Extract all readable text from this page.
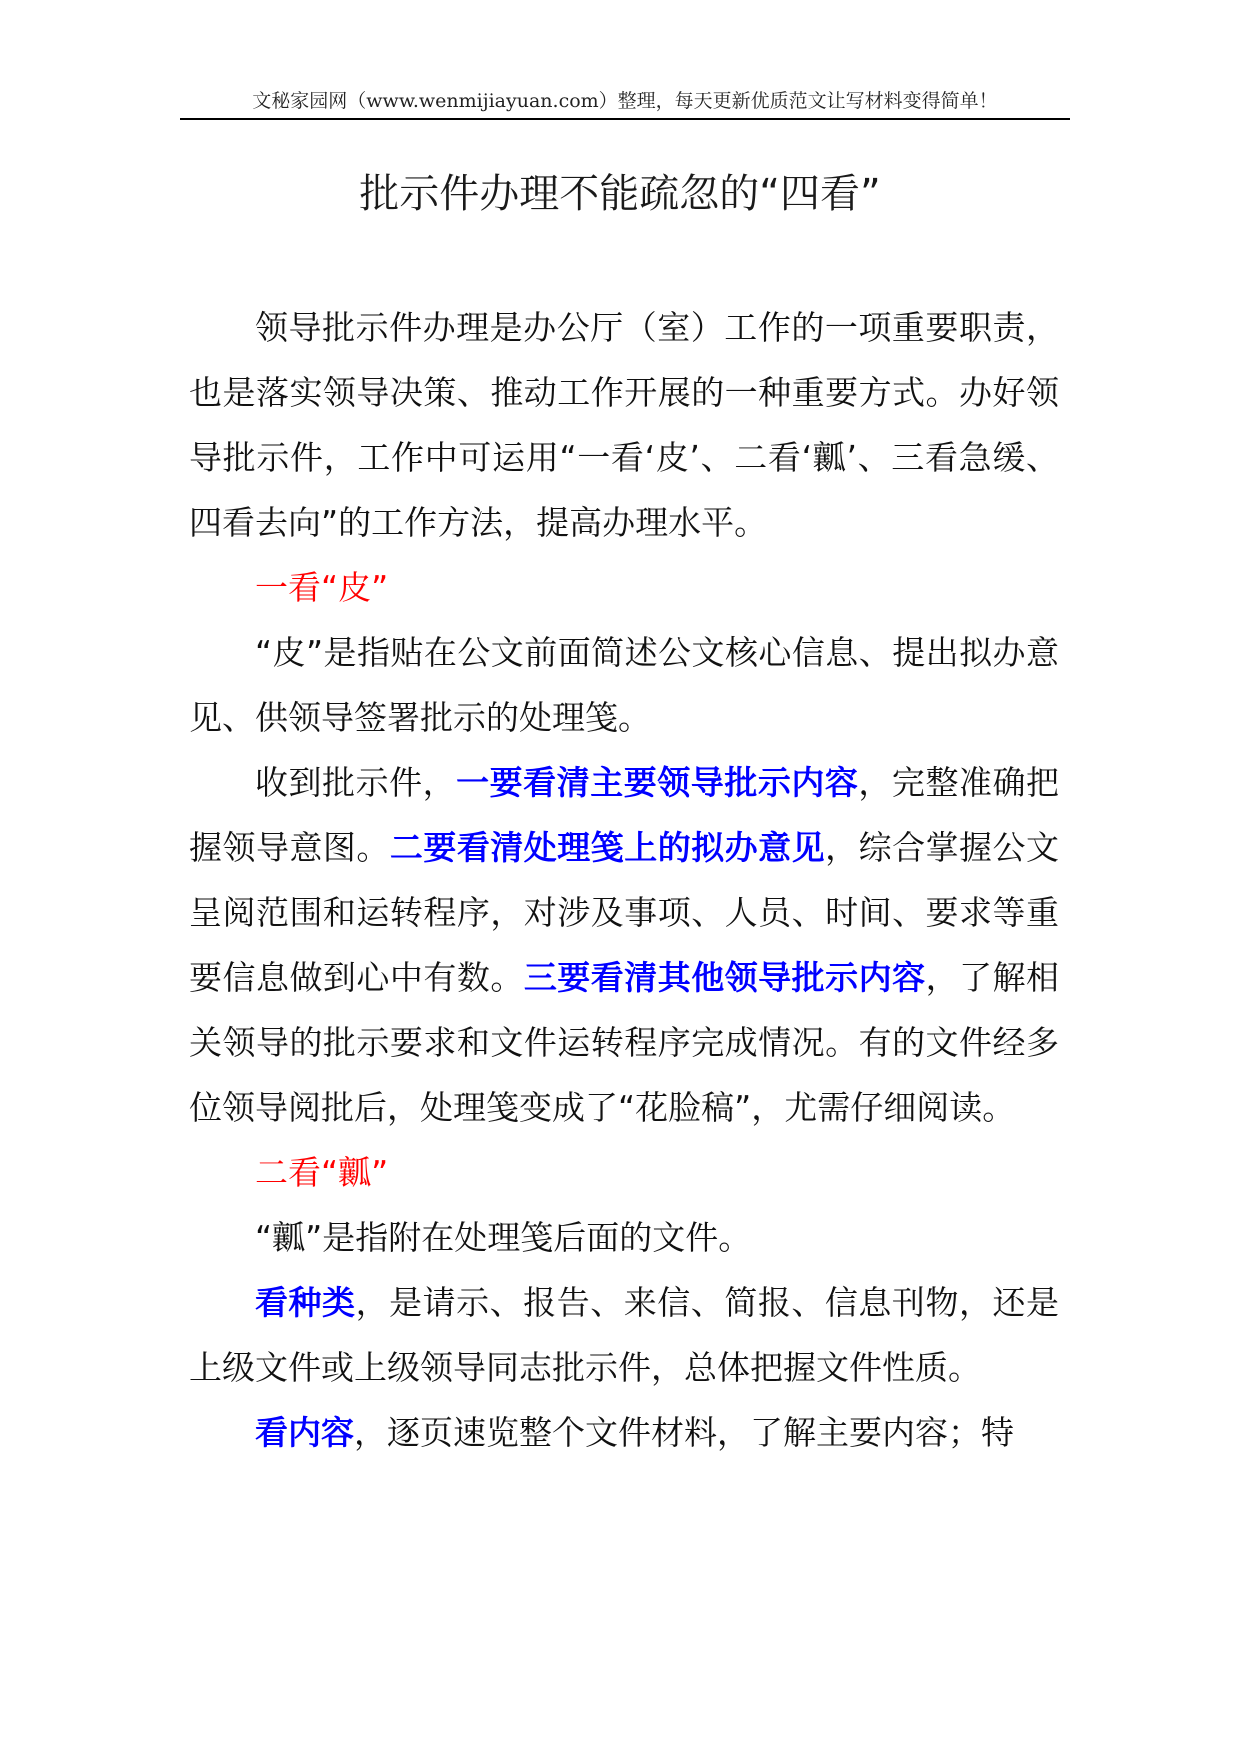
文秘家园网（www.wenmijiayuan.com）整理，每天更新优质范文让写材料变得简单！
批示件办理不能疏忽的“四看”

领导批示件办理是办公厅（室）工作的一项重要职责，也是落实领导决策、推动工作开展的一种重要方式。办好领导批示件，工作中可运用“一看‘皮’、二看‘瓤’、三看急缓、四看去向”的工作方法，提高办理水平。

一看“皮”

“皮”是指贴在公文前面简述公文核心信息、提出拟办意见、供领导签署批示的处理笺。

收到批示件，一要看清主要领导批示内容，完整准确把握领导意图。二要看清处理笺上的拟办意见，综合掌握公文呈阅范围和运转程序，对涉及事项、人员、时间、要求等重要信息做到心中有数。三要看清其他领导批示内容，了解相关领导的批示要求和文件运转程序完成情况。有的文件经多位领导阅批后，处理笺变成了“花脸稿”，尤需仔细阅读。

二看“瓤”

“瓤”是指附在处理笺后面的文件。

看种类，是请示、报告、来信、简报、信息刊物，还是上级文件或上级领导同志批示件，总体把握文件性质。

看内容，逐页速览整个文件材料，了解主要内容；特
